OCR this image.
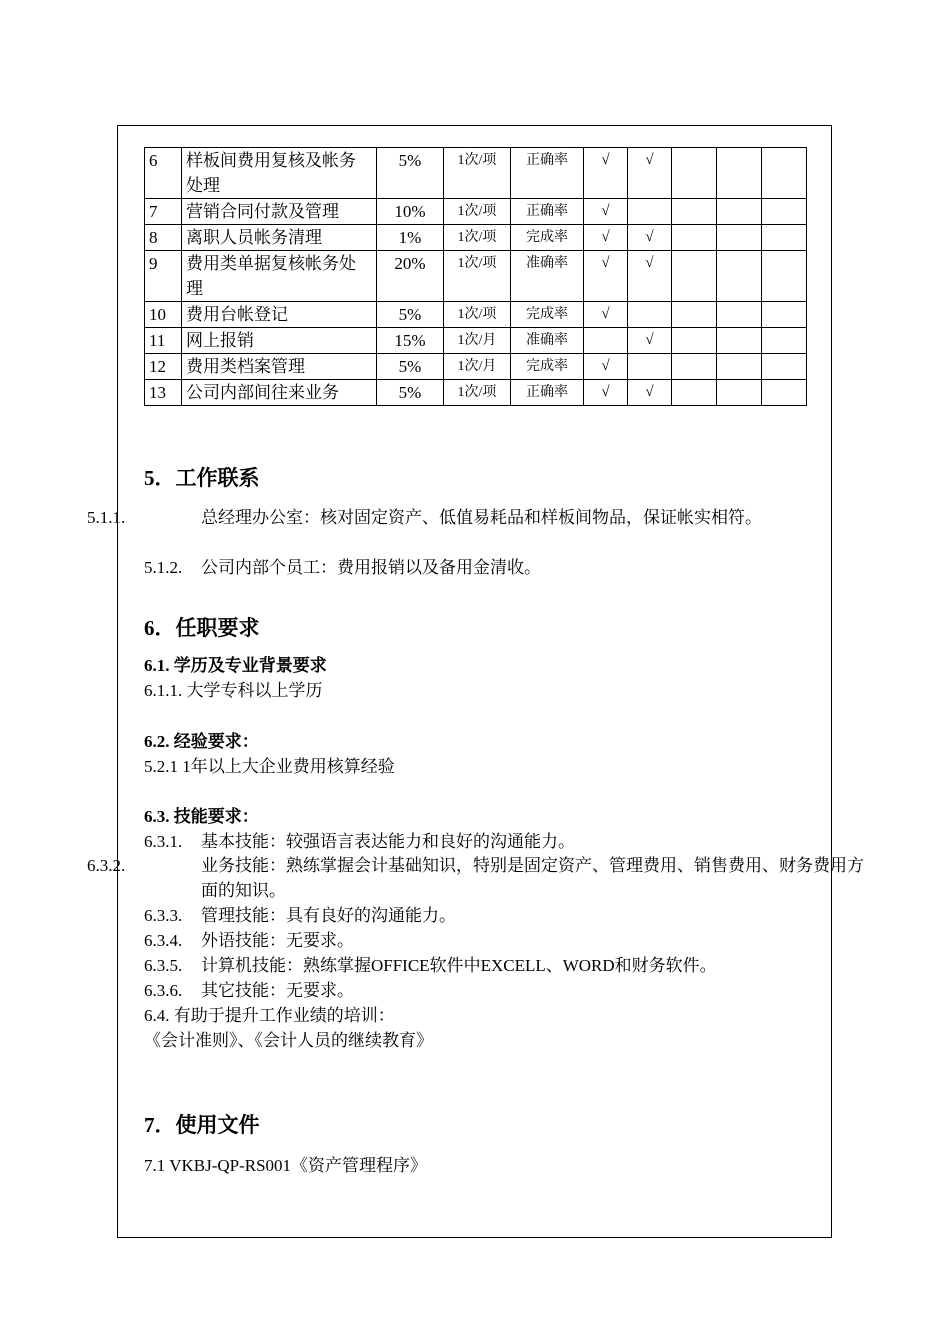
6	样板间费用复核及帐务处理	5%	1次/项	正确率	√	√			
7	营销合同付款及管理	10%	1次/项	正确率	√				
8	离职人员帐务清理	1%	1次/项	完成率	√	√			
9	费用类单据复核帐务处理	20%	1次/项	准确率	√	√			
10	费用台帐登记	5%	1次/项	完成率	√				
11	网上报销	15%	1次/月	准确率		√			
12	费用类档案管理	5%	1次/月	完成率	√				
13	公司内部间往来业务	5%	1次/项	正确率	√	√			
5．工作联系
5.1.1.	总经理办公室：核对固定资产、低值易耗品和样板间物品，保证帐实相符。
5.1.2. 公司内部个员工：费用报销以及备用金清收。
6．任职要求
6.1. 学历及专业背景要求
6.1.1. 大学专科以上学历
6.2. 经验要求：
5.2.1 1年以上大企业费用核算经验
6.3. 技能要求：
6.3.1. 基本技能：较强语言表达能力和良好的沟通能力。
6.3.2.	业务技能：熟练掌握会计基础知识，特别是固定资产、管理费用、销售费用、财务费用方面的知识。
6.3.3. 管理技能：具有良好的沟通能力。
6.3.4. 外语技能：无要求。
6.3.5. 计算机技能：熟练掌握OFFICE软件中EXCELL、WORD和财务软件。
6.3.6. 其它技能：无要求。
6.4. 有助于提升工作业绩的培训：
《会计准则》、《会计人员的继续教育》
7．使用文件
7.1 VKBJ-QP-RS001《资产管理程序》
